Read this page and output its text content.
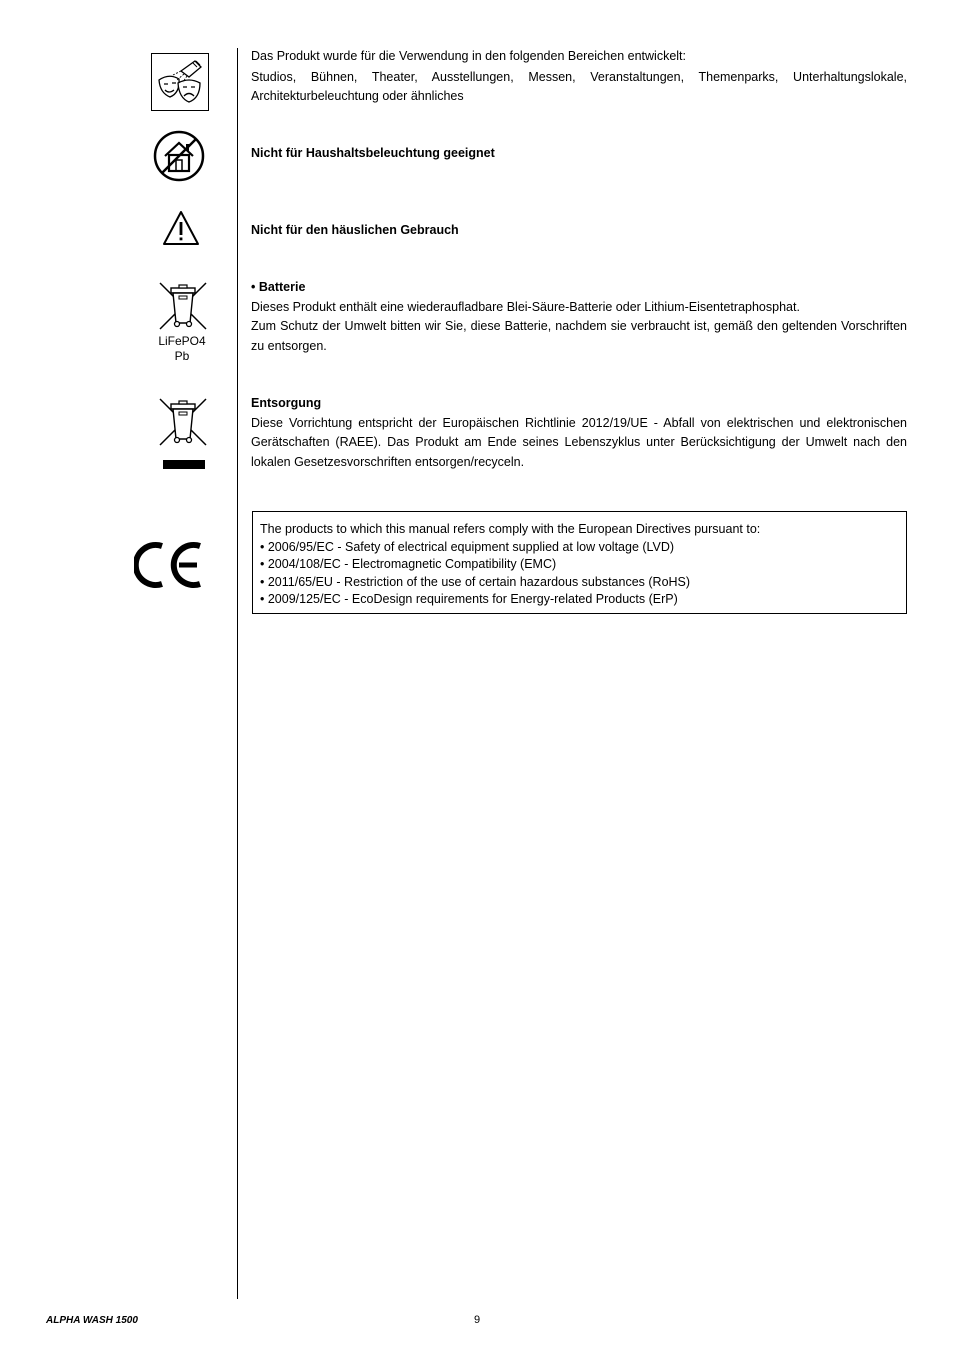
LiFePO4
Pb

Das Produkt wurde für die Verwendung in den folgenden Bereichen entwickelt:

Studios, Bühnen, Theater, Ausstellungen, Messen, Veranstaltungen, Themenparks, Unterhaltungslokale,

Architekturbeleuchtung oder ähnliches

Nicht für Haushaltsbeleuchtung geeignet
Nicht für den häuslichen Gebrauch

• Batterie

Dieses Produkt enthält eine wiederaufladbare Blei-Säure-Batterie oder Lithium-Eisentetraphosphat.

Zum Schutz der Umwelt bitten wir Sie, diese Batterie, nachdem sie verbraucht ist, gemäß den geltenden Vorschriften zu entsorgen.

Entsorgung

Diese Vorrichtung entspricht der Europäischen Richtlinie 2012/19/UE - Abfall von elektrischen und elektronischen Gerätschaften (RAEE). Das Produkt am Ende seines Lebenszyklus unter Berücksichtigung der Umwelt nach den lokalen Gesetzesvorschriften entsorgen/recyceln.

The products to which this manual refers comply with the European Directives pursuant to:
• 2006/95/EC - Safety of electrical equipment supplied at low voltage (LVD)
• 2004/108/EC - Electromagnetic Compatibility (EMC)
• 2011/65/EU - Restriction of the use of certain hazardous substances (RoHS)
• 2009/125/EC - EcoDesign requirements for Energy-related Products (ErP)
ALPHA WASH 1500	9
